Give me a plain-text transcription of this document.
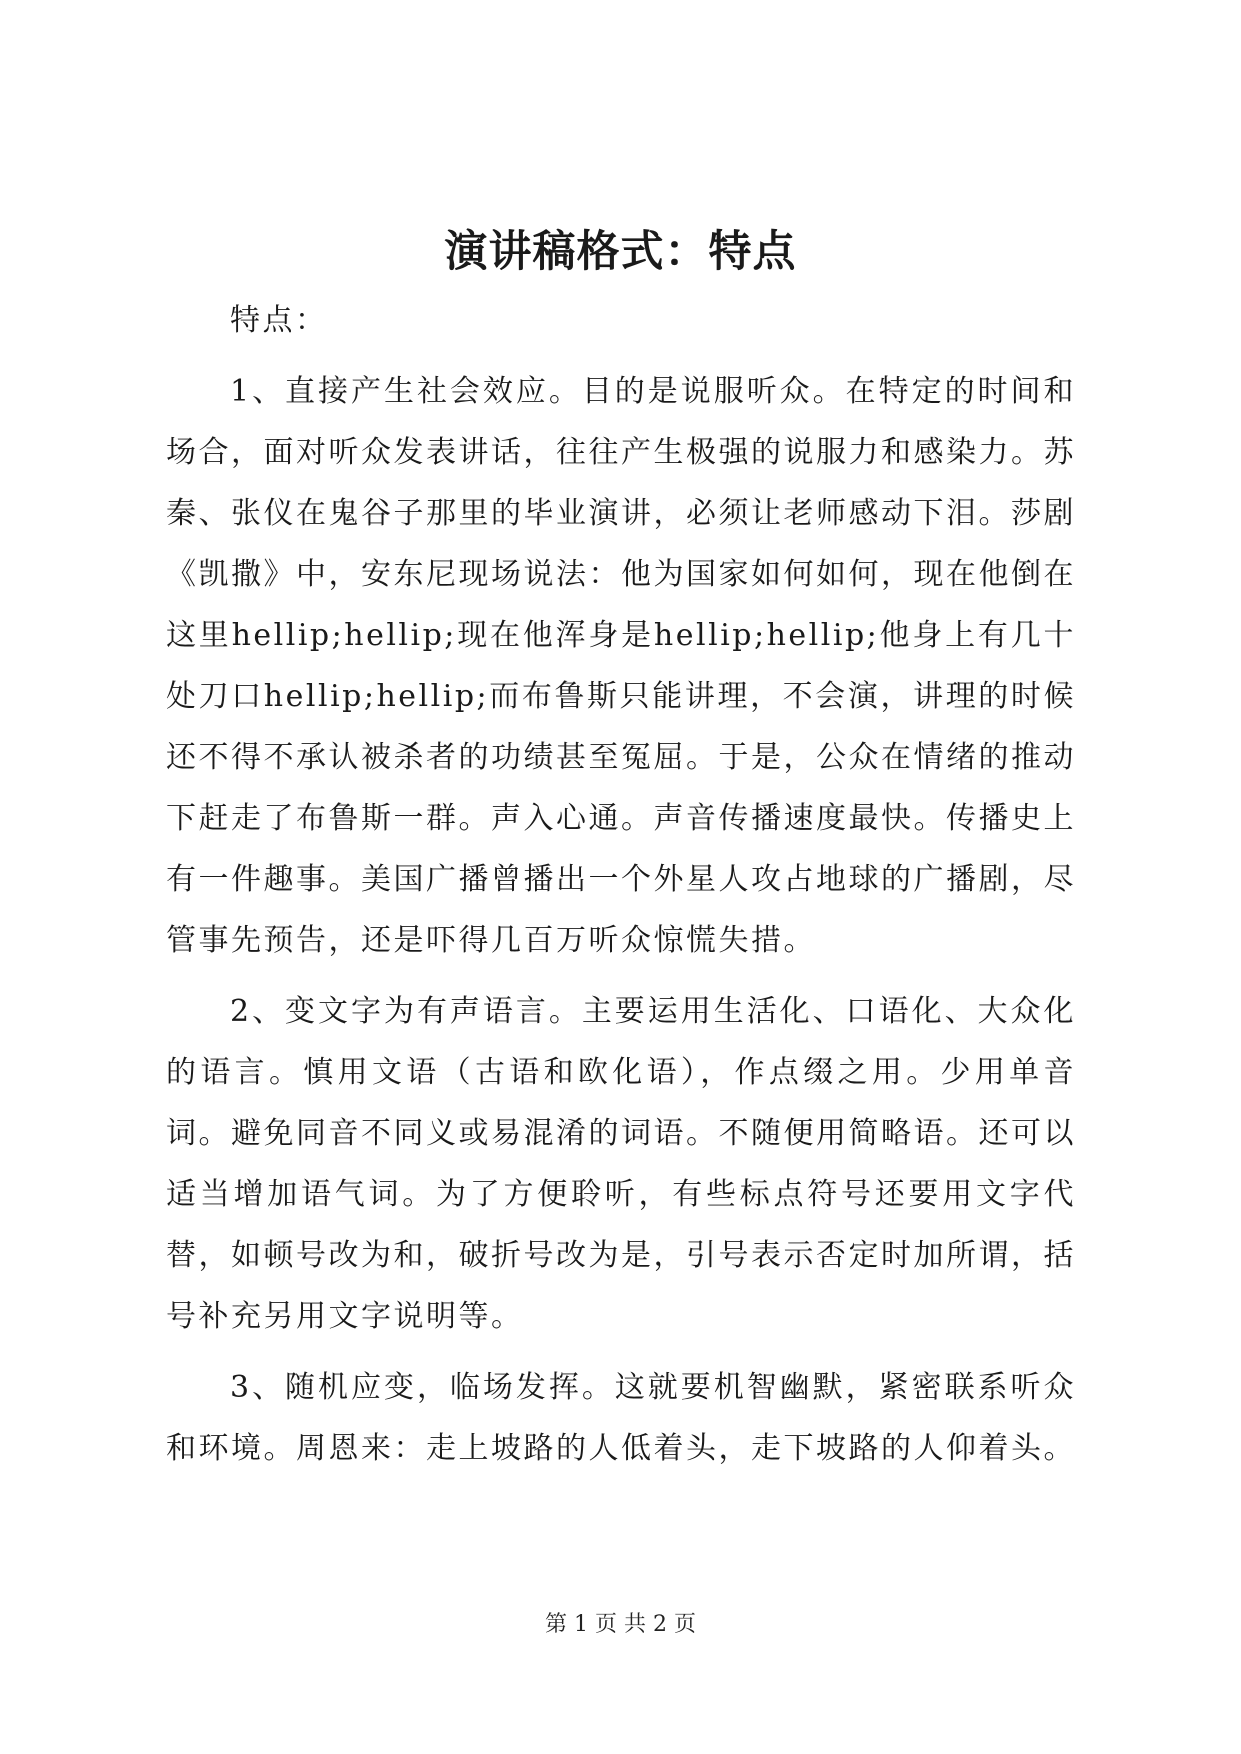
演讲稿格式：特点

特点：

1、直接产生社会效应。目的是说服听众。在特定的时间和场合，面对听众发表讲话，往往产生极强的说服力和感染力。苏秦、张仪在鬼谷子那里的毕业演讲，必须让老师感动下泪。莎剧《凯撒》中，安东尼现场说法：他为国家如何如何，现在他倒在这里hellip;hellip;现在他浑身是hellip;hellip;他身上有几十处刀口hellip;hellip;而布鲁斯只能讲理，不会演，讲理的时候还不得不承认被杀者的功绩甚至冤屈。于是，公众在情绪的推动下赶走了布鲁斯一群。声入心通。声音传播速度最快。传播史上有一件趣事。美国广播曾播出一个外星人攻占地球的广播剧，尽管事先预告，还是吓得几百万听众惊慌失措。

2、变文字为有声语言。主要运用生活化、口语化、大众化的语言。慎用文语（古语和欧化语），作点缀之用。少用单音词。避免同音不同义或易混淆的词语。不随便用简略语。还可以适当增加语气词。为了方便聆听，有些标点符号还要用文字代替，如顿号改为和，破折号改为是，引号表示否定时加所谓，括号补充另用文字说明等。

3、随机应变，临场发挥。这就要机智幽默，紧密联系听众和环境。周恩来：走上坡路的人低着头，走下坡路的人仰着头。

第 1 页 共 2 页
